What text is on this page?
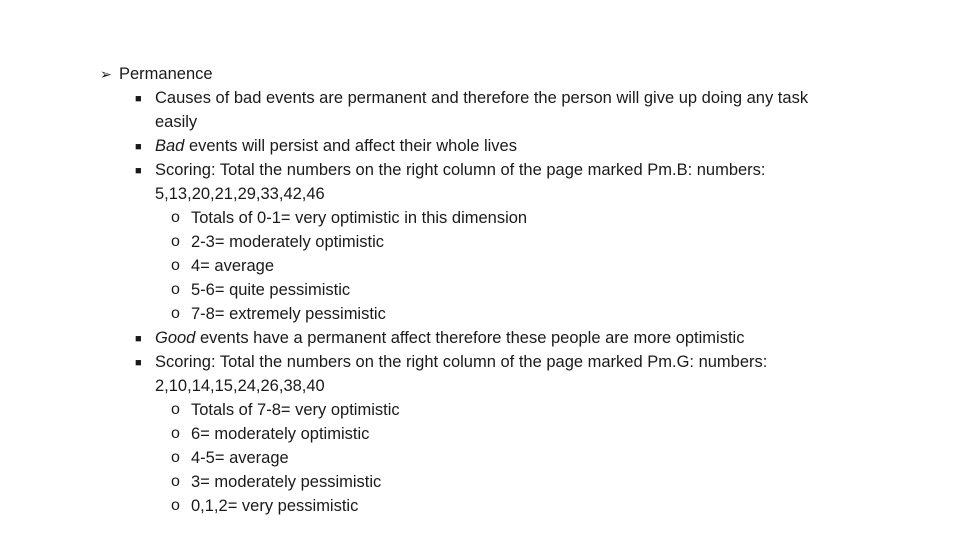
➢ Permanence
■ Causes of bad events are permanent and therefore the person will give up doing any task
easily
■ Bad events will persist and affect their whole lives
■ Scoring: Total the numbers on the right column of the page marked Pm.B: numbers:
5,13,20,21,29,33,42,46
o Totals of 0-1= very optimistic in this dimension
o 2-3= moderately optimistic
o 4= average
o 5-6= quite pessimistic
o 7-8= extremely pessimistic
■ Good events have a permanent affect therefore these people are more optimistic
■ Scoring: Total the numbers on the right column of the page marked Pm.G: numbers:
2,10,14,15,24,26,38,40
o Totals of 7-8= very optimistic
o 6= moderately optimistic
o 4-5= average
o 3= moderately pessimistic
o 0,1,2= very pessimistic
